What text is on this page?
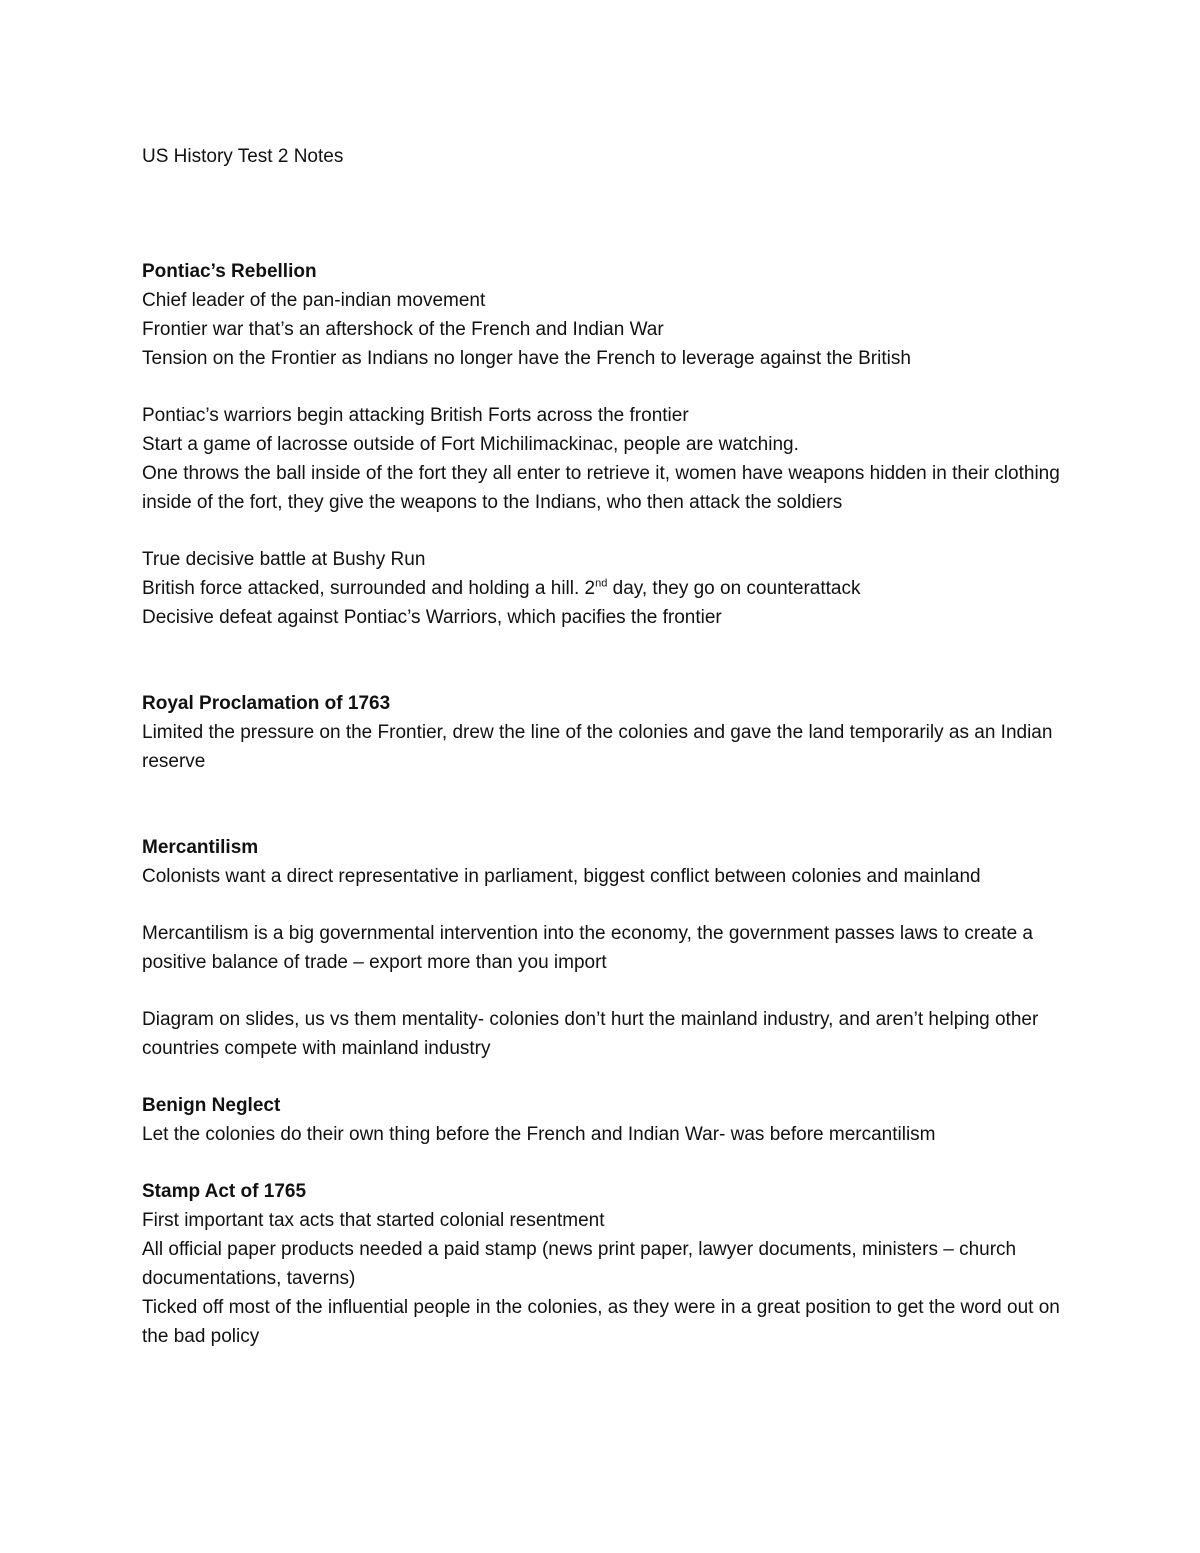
US History Test 2 Notes

Pontiac’s Rebellion

Chief leader of the pan-indian movement

Frontier war that’s an aftershock of the French and Indian War

Tension on the Frontier as Indians no longer have the French to leverage against the British

Pontiac’s warriors begin attacking British Forts across the frontier

Start a game of lacrosse outside of Fort Michilimackinac, people are watching.

One throws the ball inside of the fort they all enter to retrieve it, women have weapons hidden in their clothing inside of the fort, they give the weapons to the Indians, who then attack the soldiers

True decisive battle at Bushy Run

British force attacked, surrounded and holding a hill. 2nd day, they go on counterattack

Decisive defeat against Pontiac’s Warriors, which pacifies the frontier

Royal Proclamation of 1763

Limited the pressure on the Frontier, drew the line of the colonies and gave the land temporarily as an Indian reserve

Mercantilism

Colonists want a direct representative in parliament, biggest conflict between colonies and mainland

Mercantilism is a big governmental intervention into the economy, the government passes laws to create a positive balance of trade – export more than you import

Diagram on slides, us vs them mentality- colonies don’t hurt the mainland industry, and aren’t helping other countries compete with mainland industry

Benign Neglect

Let the colonies do their own thing before the French and Indian War- was before mercantilism

Stamp Act of 1765

First important tax acts that started colonial resentment

All official paper products needed a paid stamp (news print paper, lawyer documents, ministers – church documentations, taverns)

Ticked off most of the influential people in the colonies, as they were in a great position to get the word out on the bad policy
